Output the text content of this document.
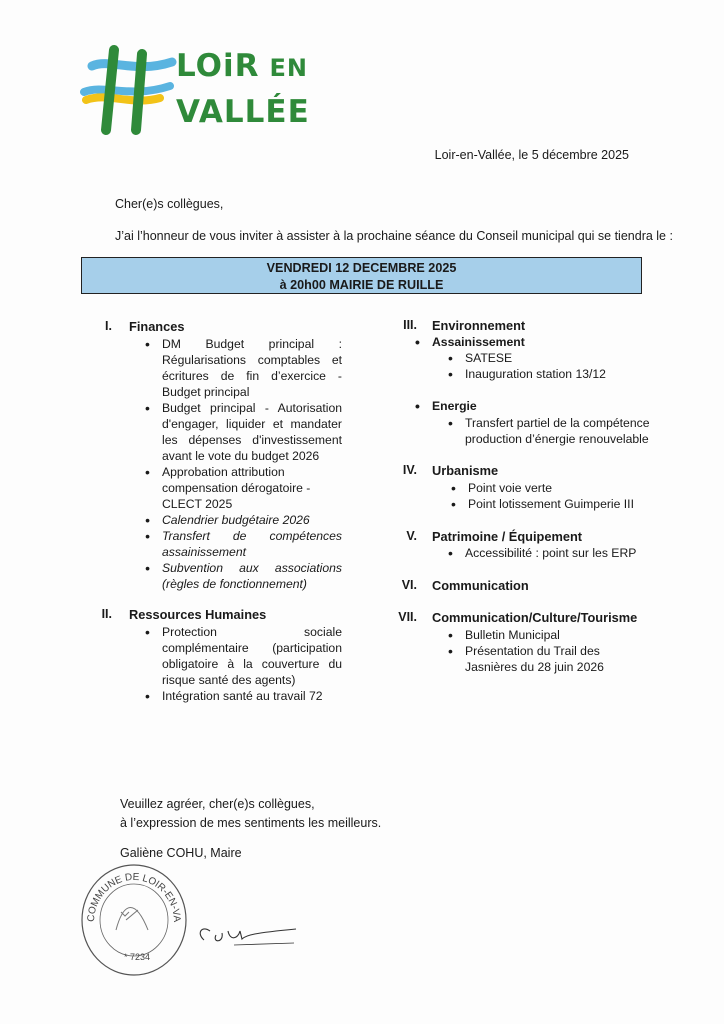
LOiR EN
VALLÉE
Loir-en-Vallée, le 5 décembre 2025
Cher(e)s collègues,
J’ai l’honneur de vous inviter à assister à la prochaine séance du Conseil municipal qui se tiendra le :
VENDREDI 12 DECEMBRE 2025
à 20h00 MAIRIE DE RUILLE
I. Finances
• DM Budget principal : Régularisations comptables et écritures de fin d’exercice - Budget principal
• Budget principal - Autorisation d'engager, liquider et mandater les dépenses d'investissement avant le vote du budget 2026
• Approbation attribution compensation dérogatoire - CLECT 2025
• Calendrier budgétaire 2026
• Transfert de compétences assainissement
• Subvention aux associations (règles de fonctionnement)
II. Ressources Humaines
• Protection sociale complémentaire (participation obligatoire à la couverture du risque santé des agents)
• Intégration santé au travail 72
III. Environnement
• Assainissement
• SATESE
• Inauguration station 13/12
• Energie
• Transfert partiel de la compétence production d’énergie renouvelable
IV. Urbanisme
• Point voie verte
• Point lotissement Guimperie III
V. Patrimoine / Équipement
• Accessibilité : point sur les ERP
VI. Communication
VII. Communication/Culture/Tourisme
• Bulletin Municipal
• Présentation du Trail des Jasnières du 28 juin 2026
Veuillez agréer, cher(e)s collègues,
à l’expression de mes sentiments les meilleurs.
Galiène COHU, Maire
COMMUNE DE LOIR-EN-VA
* 7234
